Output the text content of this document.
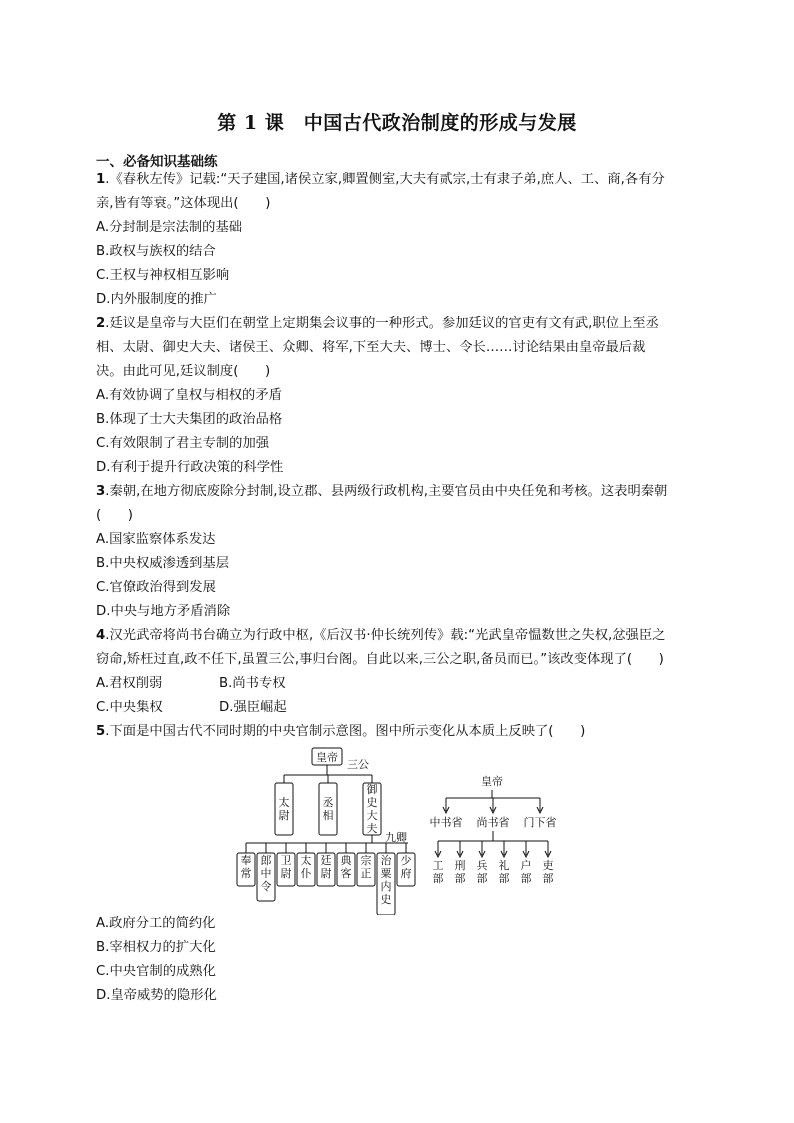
第 1 课　中国古代政治制度的形成与发展
一、必备知识基础练
1.《春秋左传》记载:“天子建国,诸侯立家,卿置侧室,大夫有贰宗,士有隶子弟,庶人、工、商,各有分
亲,皆有等衰。”这体现出(　　)
A.分封制是宗法制的基础
B.政权与族权的结合
C.王权与神权相互影响
D.内外服制度的推广
2.廷议是皇帝与大臣们在朝堂上定期集会议事的一种形式。参加廷议的官吏有文有武,职位上至丞
相、太尉、御史大夫、诸侯王、众卿、将军,下至大夫、博士、令长……讨论结果由皇帝最后裁
决。由此可见,廷议制度(　　)
A.有效协调了皇权与相权的矛盾
B.体现了士大夫集团的政治品格
C.有效限制了君主专制的加强
D.有利于提升行政决策的科学性
3.秦朝,在地方彻底废除分封制,设立郡、县两级行政机构,主要官员由中央任免和考核。这表明秦朝
(　　)
A.国家监察体系发达
B.中央权威渗透到基层
C.官僚政治得到发展
D.中央与地方矛盾消除
4.汉光武帝将尚书台确立为行政中枢,《后汉书·仲长统列传》载:“光武皇帝愠数世之失权,忿强臣之
窃命,矫枉过直,政不任下,虽置三公,事归台阁。自此以来,三公之职,备员而已。”该改变体现了(　　)
A.君权削弱	B.尚书专权
C.中央集权	D.强臣崛起
5.下面是中国古代不同时期的中央官制示意图。图中所示变化从本质上反映了(　　)
皇帝
三公
太
尉
丞
相
御
史
大
夫
九卿
奉
常
郎
中
令
卫
尉
太
仆
廷
尉
典
客
宗
正
治
粟
内
史
少
府
皇帝
中书省 尚书省 门下省
工
部
刑
部
兵
部
礼
部
户
部
吏
部
A.政府分工的简约化
B.宰相权力的扩大化
C.中央官制的成熟化
D.皇帝威势的隐形化
